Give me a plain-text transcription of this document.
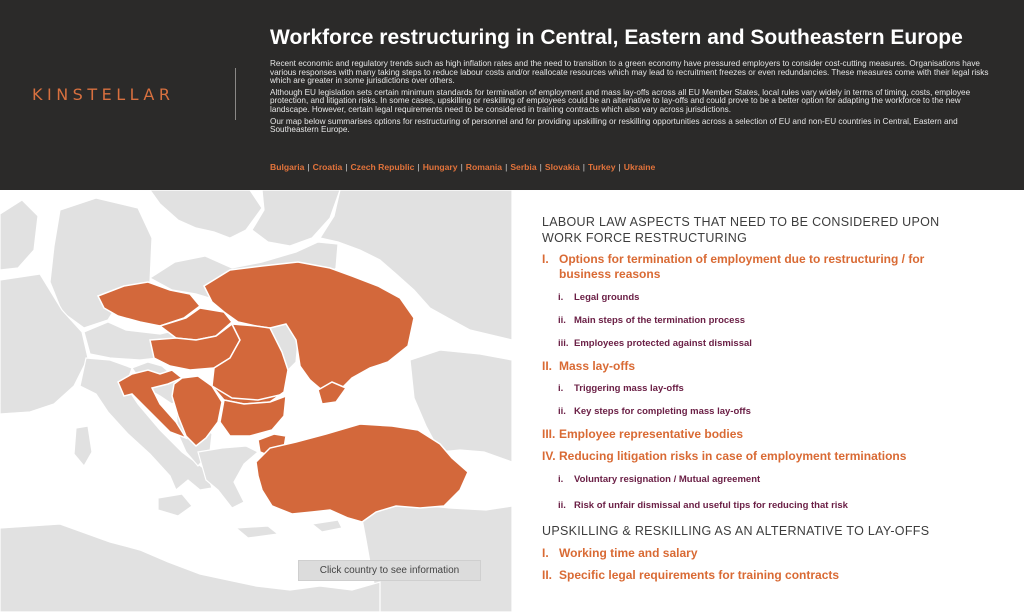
KINSTELLAR
Workforce restructuring in Central, Eastern and Southeastern Europe

Recent economic and regulatory trends such as high inflation rates and the need to transition to a green economy have pressured employers to consider cost-cutting measures. Organisations have various responses with many taking steps to reduce labour costs and/or reallocate resources which may lead to recruitment freezes or even redundancies. These measures come with their legal risks which are greater in some jurisdictions over others.

Although EU legislation sets certain minimum standards for termination of employment and mass lay-offs across all EU Member States, local rules vary widely in terms of timing, costs, employee protection, and litigation risks. In some cases, upskilling or reskilling of employees could be an alternative to lay-offs and could prove to be a better option for adapting the workforce to the new landscape. However, certain legal requirements need to be considered in training contracts which also vary across jurisdictions.

Our map below summarises options for restructuring of personnel and for providing upskilling or reskilling opportunities across a selection of EU and non-EU countries in Central, Eastern and Southeastern Europe.

Bulgaria | Croatia | Czech Republic | Hungary | Romania | Serbia | Slovakia | Turkey | Ukraine
Click country to see information
LABOUR LAW ASPECTS THAT NEED TO BE CONSIDERED UPON WORK FORCE RESTRUCTURING
I. Options for termination of employment due to restructuring / for business reasons
i.	Legal grounds
ii. Main steps of the termination process
iii. Employees protected against dismissal
II. Mass lay-offs
i.	Triggering mass lay-offs
ii. Key steps for completing mass lay-offs
III. Employee representative bodies
IV. Reducing litigation risks in case of employment terminations
i.	Voluntary resignation / Mutual agreement
ii. Risk of unfair dismissal and useful tips for reducing that risk
UPSKILLING & RESKILLING AS AN ALTERNATIVE TO LAY-OFFS
I. Working time and salary
II. Specific legal requirements for training contracts
